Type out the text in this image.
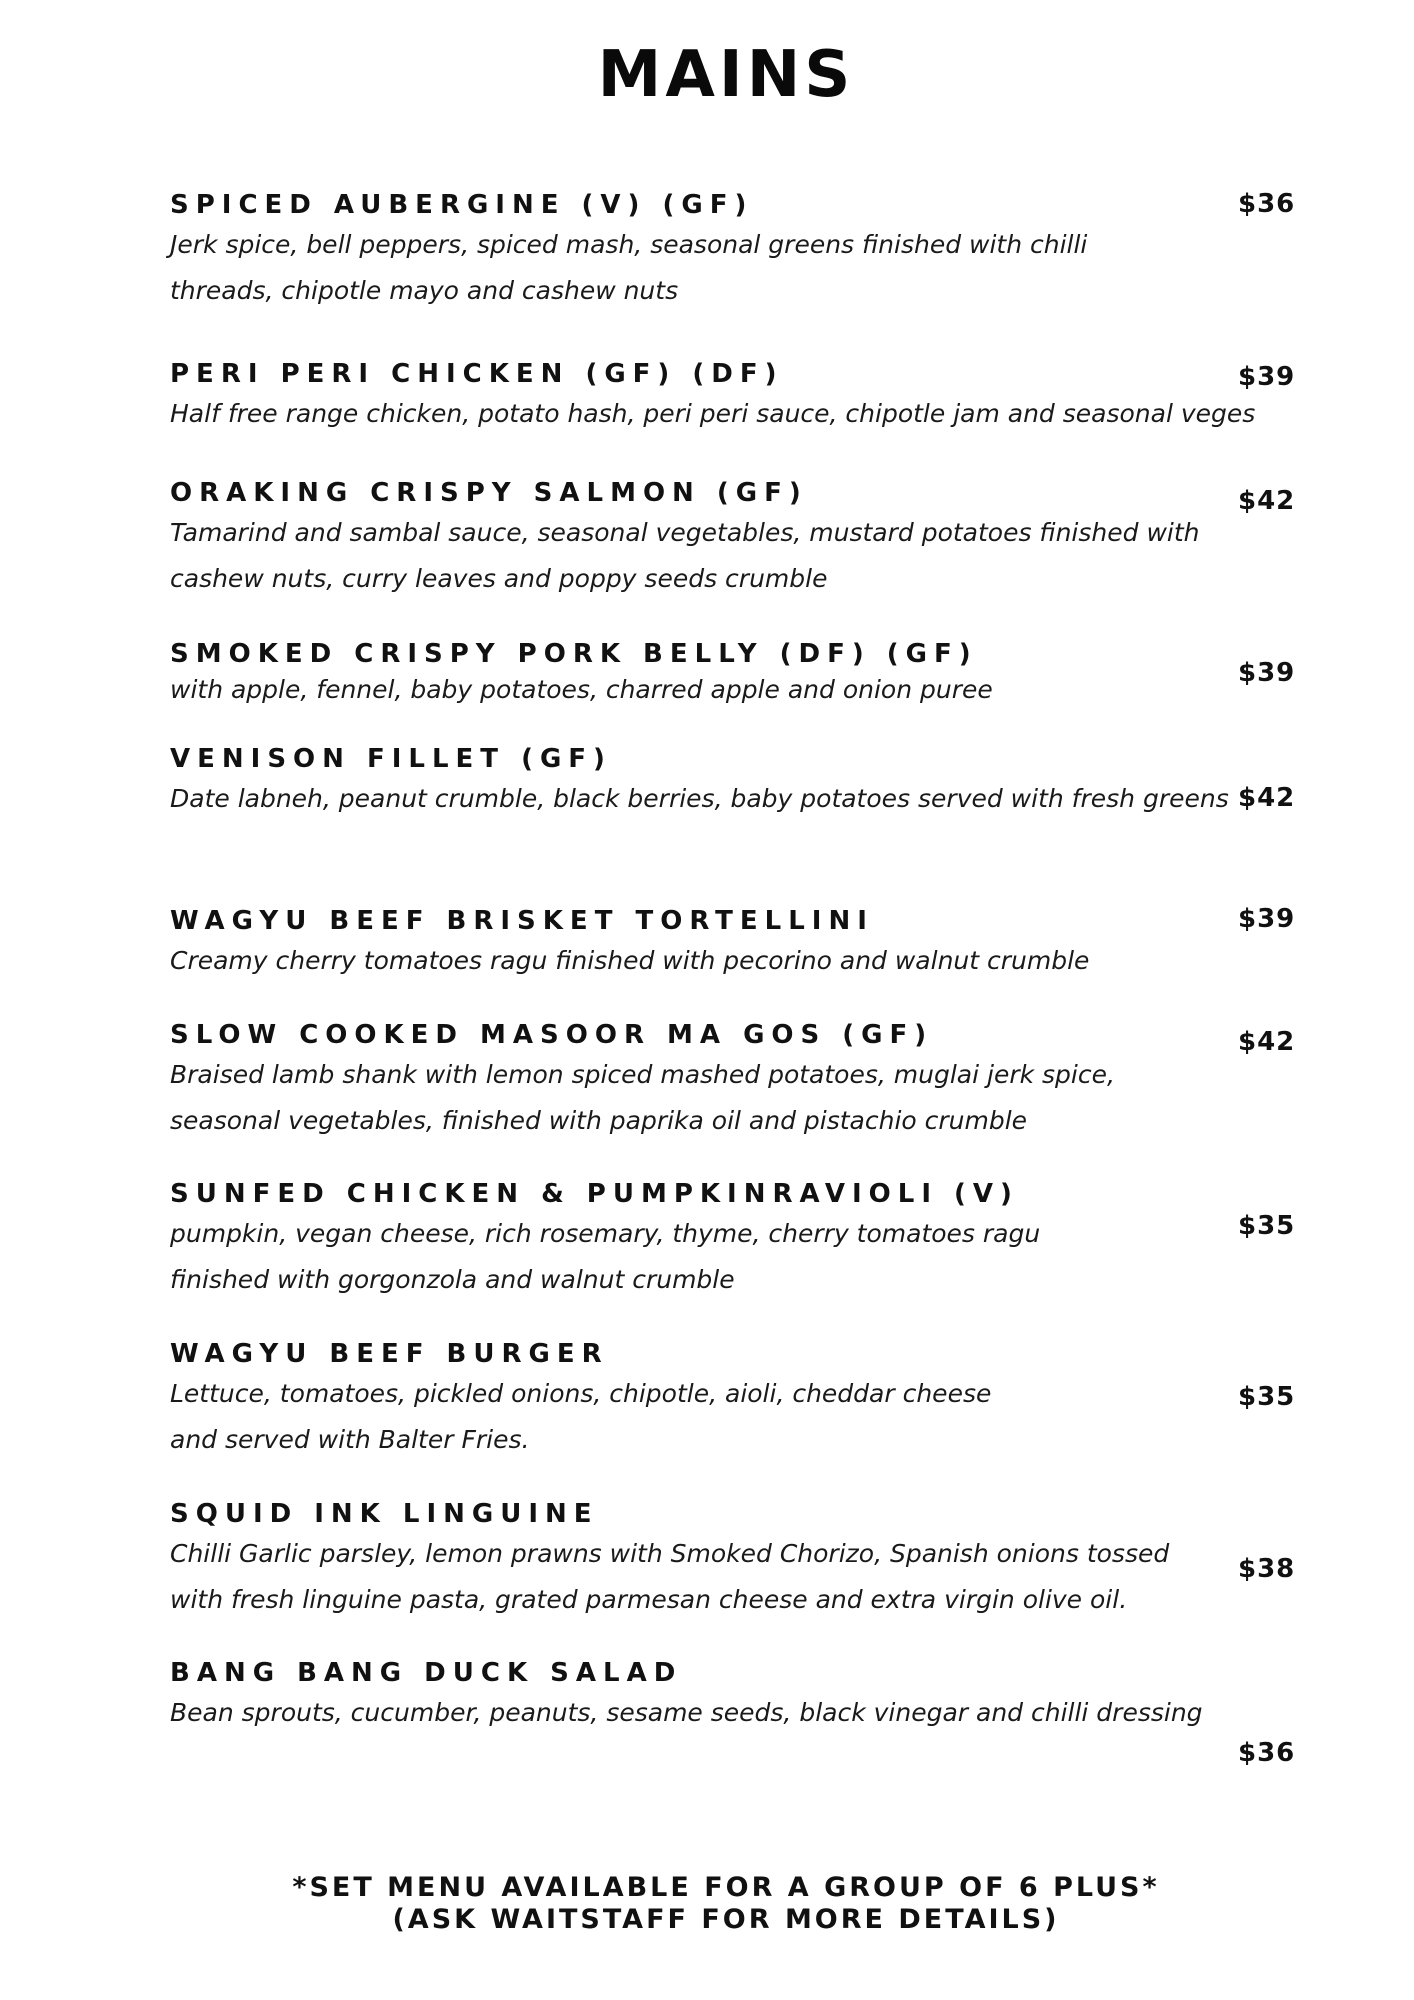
MAINS
SPICED AUBERGINE (V) (GF)
Jerk spice, bell peppers, spiced mash, seasonal greens finished with chilli
threads, chipotle mayo and cashew nuts
$36
PERI PERI CHICKEN (GF) (DF)
Half free range chicken, potato hash, peri peri sauce, chipotle jam and seasonal veges
$39
ORAKING CRISPY SALMON (GF)
Tamarind and sambal sauce, seasonal vegetables, mustard potatoes finished with
cashew nuts, curry leaves and poppy seeds crumble
$42
SMOKED CRISPY PORK BELLY (DF) (GF)
with apple, fennel, baby potatoes, charred apple and onion puree
$39
VENISON FILLET (GF)
Date labneh, peanut crumble, black berries, baby potatoes served with fresh greens $42
WAGYU BEEF BRISKET TORTELLINI
Creamy cherry tomatoes ragu finished with pecorino and walnut crumble
$39
SLOW COOKED MASOOR MA GOS (GF)
Braised lamb shank with lemon spiced mashed potatoes, muglai jerk spice,
seasonal vegetables, finished with paprika oil and pistachio crumble
$42
SUNFED CHICKEN & PUMPKINRAVIOLI (V)
pumpkin, vegan cheese, rich rosemary, thyme, cherry tomatoes ragu
finished with gorgonzola and walnut crumble
$35
WAGYU BEEF BURGER
Lettuce, tomatoes, pickled onions, chipotle, aioli, cheddar cheese
and served with Balter Fries.
$35
SQUID INK LINGUINE
Chilli Garlic parsley, lemon prawns with Smoked Chorizo, Spanish onions tossed
with fresh linguine pasta, grated parmesan cheese and extra virgin olive oil.
$38
BANG BANG DUCK SALAD
Bean sprouts, cucumber, peanuts, sesame seeds, black vinegar and chilli dressing
$36
*SET MENU AVAILABLE FOR A GROUP OF 6 PLUS*
(ASK WAITSTAFF FOR MORE DETAILS)
